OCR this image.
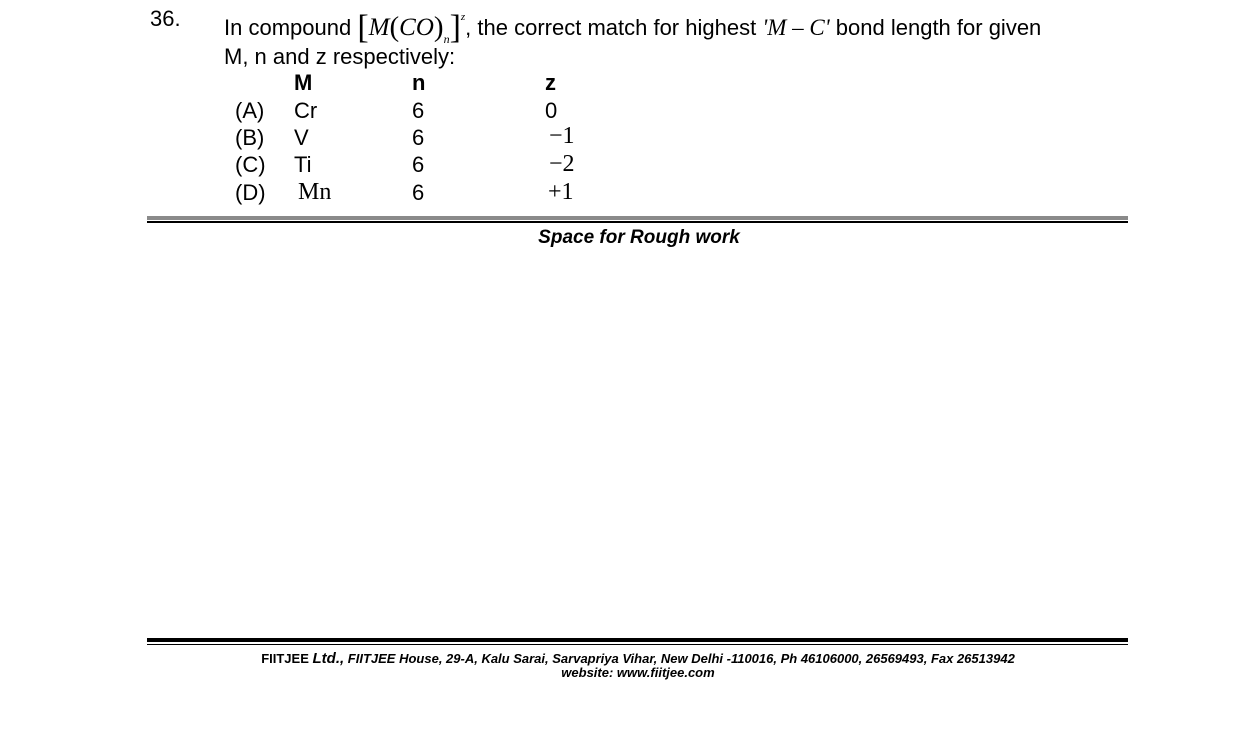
36. In compound $[M(CO)_n]^z$, the correct match for highest 'M – C' bond length for given
M, n and z respectively:
M	n	z
(A) Cr	6	0
(B) V	6	−1
(C) Ti	6	−2
(D) Mn	6	+1
Space for Rough work
FIITJEE Ltd., FIITJEE House, 29-A, Kalu Sarai, Sarvapriya Vihar, New Delhi -110016, Ph 46106000, 26569493, Fax 26513942
website: www.fiitjee.com
